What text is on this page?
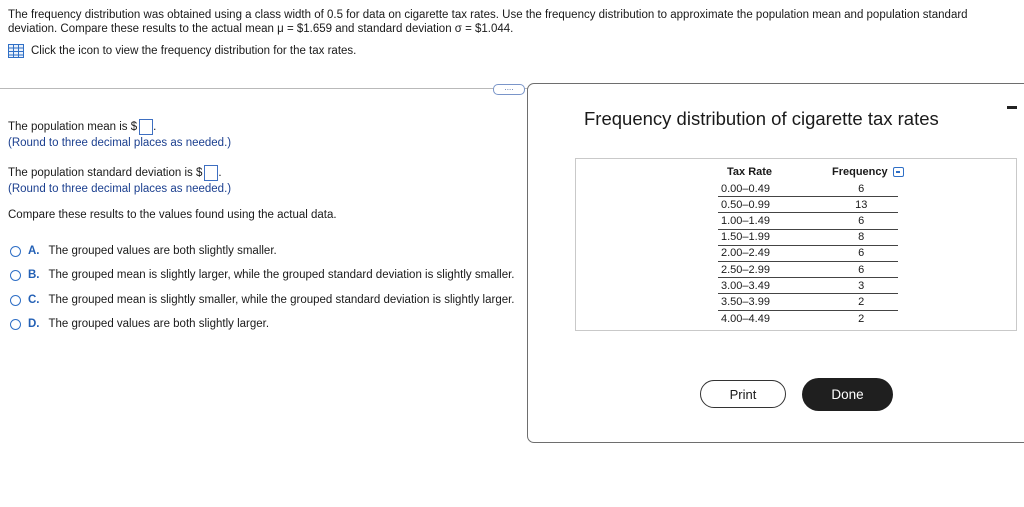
The frequency distribution was obtained using a class width of 0.5 for data on cigarette tax rates. Use the frequency distribution to approximate the population mean and population standard
deviation. Compare these results to the actual mean μ = $1.659 and standard deviation σ = $1.044.
Click the icon to view the frequency distribution for the tax rates.
....
The population mean is $ .
(Round to three decimal places as needed.)
The population standard deviation is $ .
(Round to three decimal places as needed.)
Compare these results to the values found using the actual data.
A. The grouped values are both slightly smaller.
B. The grouped mean is slightly larger, while the grouped standard deviation is slightly smaller.
C. The grouped mean is slightly smaller, while the grouped standard deviation is slightly larger.
D. The grouped values are both slightly larger.
Frequency distribution of cigarette tax rates
Tax Rate	Frequency
0.00–0.49	6
0.50–0.99	13
1.00–1.49	6
1.50–1.99	8
2.00–2.49	6
2.50–2.99	6
3.00–3.49	3
3.50–3.99	2
4.00–4.49	2
Print	Done
